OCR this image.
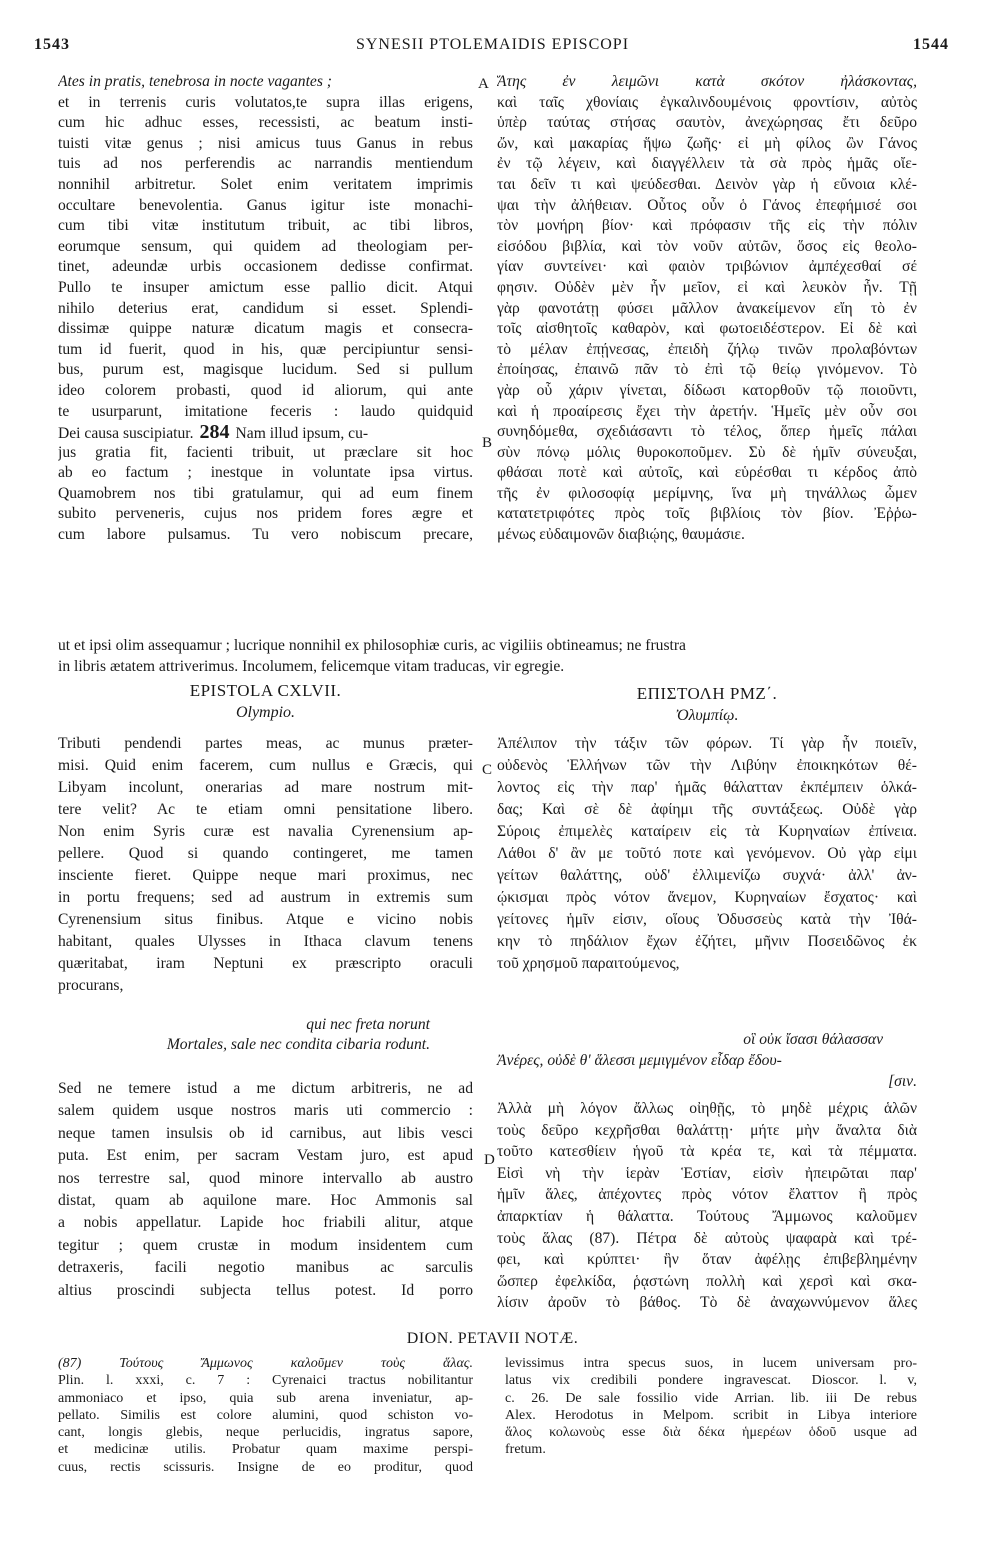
SYNESII PTOLEMAIDIS EPISCOPI
1543	1544
A
B
C
D
Ates in pratis, tenebrosa in nocte vagantes ;
et in terrenis curis volutatos,te supra illas erigens,
cum hic adhuc esses, recessisti, ac beatum insti-
tuisti vitæ genus ; nisi amicus tuus Ganus in rebus
tuis ad nos perferendis ac narrandis mentiendum
nonnihil arbitretur. Solet enim veritatem imprimis
occultare benevolentia. Ganus igitur iste monachi-
cum tibi vitæ institutum tribuit, ac tibi libros,
eorumque sensum, qui quidem ad theologiam per-
tinet, adeundæ urbis occasionem dedisse confirmat.
Pullo te insuper amictum esse pallio dicit. Atqui
nihilo deterius erat, candidum si esset. Splendi-
dissimæ quippe naturæ dicatum magis et consecra-
tum id fuerit, quod in his, quæ percipiuntur sensi-
bus, purum est, magisque lucidum. Sed si pullum
ideo colorem probasti, quod id aliorum, qui ante
te usurparunt, imitatione feceris : laudo quidquid
Dei causa suscipiatur. 284 Nam illud ipsum, cu-
jus gratia fit, facienti tribuit, ut præclare sit hoc
ab eo factum ; inestque in voluntate ipsa virtus.
Quamobrem nos tibi gratulamur, qui ad eum finem
subito perveneris, cujus nos pridem fores ægre et
cum labore pulsamus. Tu vero nobiscum precare,
Ἄτης ἐν λειμῶνι κατὰ σκότον ἠλάσκοντας,
καὶ ταῖς χθονίαις ἐγκαλινδουμένοις φροντίσιν, αὐτὸς
ὑπὲρ ταύτας στήσας σαυτὸν, ἀνεχώρησας ἔτι δεῦρο
ὤν, καὶ μακαρίας ἥψω ζωῆς· εἰ μὴ φίλος ὢν Γάνος
ἐν τῷ λέγειν, καὶ διαγγέλλειν τὰ σὰ πρὸς ἡμᾶς οἴε-
ται δεῖν τι καὶ ψεύδεσθαι. Δεινὸν γὰρ ἡ εὔνοια κλέ-
ψαι τὴν ἀλήθειαν. Οὗτος οὖν ὁ Γάνος ἐπεφήμισέ σοι
τὸν μονήρη βίον· καὶ πρόφασιν τῆς εἰς τὴν πόλιν
εἰσόδου βιβλία, καὶ τὸν νοῦν αὐτῶν, ὅσος εἰς θεολο-
γίαν συντείνει· καὶ φαιὸν τριβώνιον ἀμπέχεσθαί σέ
φησιν. Οὐδὲν μὲν ἦν μεῖον, εἰ καὶ λευκὸν ἦν. Τῇ
γὰρ φανοτάτῃ φύσει μᾶλλον ἀνακείμενον εἴη τὸ ἐν
τοῖς αἰσθητοῖς καθαρὸν, καὶ φωτοειδέστερον. Εἰ δὲ καὶ
τὸ μέλαν ἐπῄνεσας, ἐπειδὴ ζήλῳ τινῶν προλαβόντων
ἐποίησας, ἐπαινῶ πᾶν τὸ ἐπὶ τῷ θείῳ γινόμενον. Τὸ
γὰρ οὗ χάριν γίνεται, δίδωσι κατορθοῦν τῷ ποιοῦντι,
καὶ ἡ προαίρεσις ἔχει τὴν ἀρετήν. Ἡμεῖς μὲν οὖν σοι
συνηδόμεθα, σχεδιάσαντι τὸ τέλος, ὅπερ ἡμεῖς πάλαι
σὺν πόνῳ μόλις θυροκοποῦμεν. Σὺ δὲ ἡμῖν σύνευξαι,
φθάσαι ποτὲ καὶ αὐτοῖς, καὶ εὑρέσθαι τι κέρδος ἀπὸ
τῆς ἐν φιλοσοφίᾳ μερίμνης, ἵνα μὴ τηνάλλως ὦμεν
κατατετριφότες πρὸς τοῖς βιβλίοις τὸν βίον. Ἐῤῥω-
μένως εὐδαιμονῶν διαβιῴης, θαυμάσιε.
ut et ipsi olim assequamur ; lucrique nonnihil ex philosophiæ curis, ac vigiliis obtineamus; ne frustra
in libris ætatem attriverimus. Incolumem, felicemque vitam traducas, vir egregie.
EPISTOLA CXLVII.
Olympio.
ΕΠΙΣΤΟΛΗ ΡΜΖ΄.
Ὀλυμπίῳ.
Tributi pendendi partes meas, ac munus præter-
misi. Quid enim facerem, cum nullus e Græcis, qui
Libyam incolunt, onerarias ad mare nostrum mit-
tere velit? Ac te etiam omni pensitatione libero.
Non enim Syris curæ est navalia Cyrenensium ap-
pellere. Quod si quando contingeret, me tamen
insciente fieret. Quippe neque mari proximus, nec
in portu frequens; sed ad austrum in extremis sum
Cyrenensium situs finibus. Atque e vicino nobis
habitant, quales Ulysses in Ithaca clavum tenens
quæritabat, iram Neptuni ex præscripto oraculi
procurans,
qui nec freta norunt
Mortales, sale nec condita cibaria rodunt.
Ἀπέλιπον τὴν τάξιν τῶν φόρων. Τί γὰρ ἦν ποιεῖν,
οὐδενὸς Ἑλλήνων τῶν τὴν Λιβύην ἐποικηκότων θέ-
λοντος εἰς τὴν παρ' ἡμᾶς θάλατταν ἐκπέμπειν ὁλκά-
δας; Καὶ σὲ δὲ ἀφίημι τῆς συντάξεως. Οὐδὲ γὰρ
Σύροις ἐπιμελὲς καταίρειν εἰς τὰ Κυρηναίων ἐπίνεια.
Λάθοι δ' ἂν με τοῦτό ποτε καὶ γενόμενον. Οὐ γὰρ εἰμι
γείτων θαλάττης, οὐδ' ἐλλιμενίζω συχνά· ἀλλ' ἀν-
ῴκισμαι πρὸς νότον ἄνεμον, Κυρηναίων ἔσχατος· καὶ
γείτονες ἡμῖν εἰσιν, οἵους Ὀδυσσεὺς κατὰ τὴν Ἰθά-
κην τὸ πηδάλιον ἔχων ἐζήτει, μῆνιν Ποσειδῶνος ἐκ
τοῦ χρησμοῦ παραιτούμενος,
οἳ οὐκ ἴσασι θάλασσαν
Ἀνέρες, οὐδὲ θ' ἅλεσσι μεμιγμένον εἶδαρ ἔδου-
[σιν.
Sed ne temere istud a me dictum arbitreris, ne ad
salem quidem usque nostros maris uti commercio :
neque tamen insulsis ob id carnibus, aut libis vesci
puta. Est enim, per sacram Vestam juro, est apud
nos terrestre sal, quod minore intervallo ab austro
distat, quam ab aquilone mare. Hoc Ammonis sal
a nobis appellatur. Lapide hoc friabili alitur, atque
tegitur ; quem crustæ in modum insidentem cum
detraxeris, facili negotio manibus ac sarculis
altius proscindi subjecta tellus potest. Id porro
Ἀλλὰ μὴ λόγον ἄλλως οἰηθῇς, τὸ μηδὲ μέχρις ἁλῶν
τοὺς δεῦρο κεχρῆσθαι θαλάττῃ· μήτε μὴν ἄναλτα διὰ
τοῦτο κατεσθίειν ἡγοῦ τὰ κρέα τε, καὶ τὰ πέμματα.
Εἰσὶ νὴ τὴν ἱερὰν Ἑστίαν, εἰσὶν ἠπειρῶται παρ'
ἡμῖν ἅλες, ἀπέχοντες πρὸς νότον ἔλαττον ἢ πρὸς
ἀπαρκτίαν ἡ θάλαττα. Τούτους Ἄμμωνος καλοῦμεν
τοὺς ἅλας (87). Πέτρα δὲ αὐτοὺς ψαφαρὰ καὶ τρέ-
φει, καὶ κρύπτει· ἣν ὅταν ἀφέλῃς ἐπιβεβλημένην
ὥσπερ ἐφελκίδα, ῥᾳστώνη πολλὴ καὶ χερσὶ καὶ σκα-
λίσιν ἀροῦν τὸ βάθος. Τὸ δὲ ἀναχωννύμενον ἅλες
DION. PETAVII NOTÆ.
(87) Τούτους Ἄμμωνος καλοῦμεν τοὺς ἅλας.
Plin. l. xxxi, c. 7 : Cyrenaici tractus nobilitantur
ammoniaco et ipso, quia sub arena inveniatur, ap-
pellato. Similis est colore alumini, quod schiston vo-
cant, longis glebis, neque perlucidis, ingratus sapore,
et medicinæ utilis. Probatur quam maxime perspi-
cuus, rectis scissuris. Insigne de eo proditur, quod
levissimus intra specus suos, in lucem universam pro-
latus vix credibili pondere ingravescat. Dioscor. l. v,
c. 26. De sale fossilio vide Arrian. lib. iii De rebus
Alex. Herodotus in Melpom. scribit in Libya interiore
ἅλος κολωνοὺς esse διὰ δέκα ἡμερέων ὁδοῦ usque ad
fretum.
